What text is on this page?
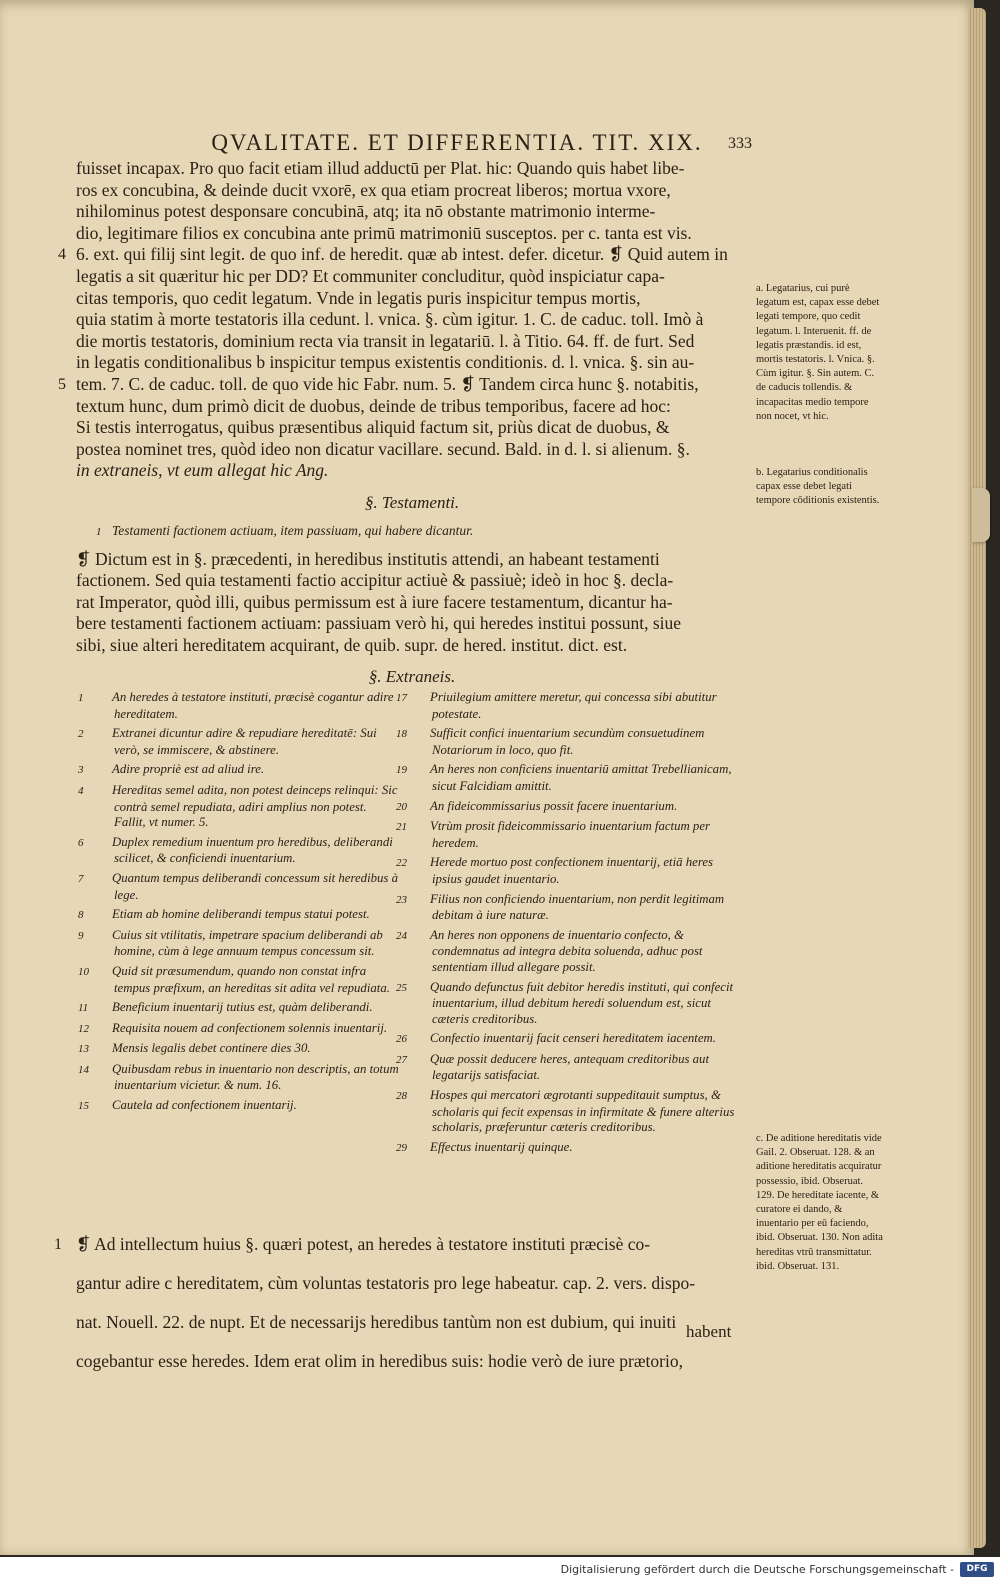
QVALITATE. ET DIFFERENTIA. TIT. XIX.	333

fuisset incapax. Pro quo facit etiam illud adductū per Plat. hic: Quando quis habet libe-

ros ex concubina, & deinde ducit vxorē, ex qua etiam procreat liberos; mortua vxore,

nihilominus potest desponsare concubinā, atq; ita nō obstante matrimonio interme-

dio, legitimare filios ex concubina ante primū matrimoniū susceptos. per c. tanta est vis.

4 6. ext. qui filij sint legit. de quo inf. de heredit. quæ ab intest. defer. dicetur. ❡ Quid autem in

legatis a sit quæritur hic per DD? Et communiter concluditur, quòd inspiciatur capa-

citas temporis, quo cedit legatum. Vnde in legatis puris inspicitur tempus mortis,

quia statim à morte testatoris illa cedunt. l. vnica. §. cùm igitur. 1. C. de caduc. toll. Imò à

die mortis testatoris, dominium recta via transit in legatariū. l. à Titio. 64. ff. de furt. Sed

in legatis conditionalibus b inspicitur tempus existentis conditionis. d. l. vnica. §. sin au-

5 tem. 7. C. de caduc. toll. de quo vide hic Fabr. num. 5. ❡ Tandem circa hunc §. notabitis,

textum hunc, dum primò dicit de duobus, deinde de tribus temporibus, facere ad hoc:

Si testis interrogatus, quibus præsentibus aliquid factum sit, priùs dicat de duobus, &

postea nominet tres, quòd ideo non dicatur vacillare. secund. Bald. in d. l. si alienum. §.

in extraneis, vt eum allegat hic Ang.

§. Testamenti.
1 Testamenti factionem actiuam, item passiuam, qui habere dicantur.

❡ Dictum est in §. præcedenti, in heredibus institutis attendi, an habeant testamenti

factionem. Sed quia testamenti factio accipitur actiuè & passiuè; ideò in hoc §. decla-

rat Imperator, quòd illi, quibus permissum est à iure facere testamentum, dicantur ha-

bere testamenti factionem actiuam: passiuam verò hi, qui heredes institui possunt, siue

sibi, siue alteri hereditatem acquirant, de quib. supr. de hered. institut. dict. est.

§. Extraneis.
a. Legatarius, cui purè legatum est, capax esse debet legati tempore, quo cedit legatum. l. Interuenit. ff. de legatis præstandis. id est, mortis testatoris. l. Vnica. §. Cùm igitur. §. Sin autem. C. de caducis tollendis. & incapacitas medio tempore non nocet, vt hic.
b. Legatarius conditionalis capax esse debet legati tempore cōditionis existentis.
1 An heredes à testatore instituti, præcisè cogantur adire hereditatem.
2 Extranei dicuntur adire & repudiare hereditatē: Sui verò, se immiscere, & abstinere.
3 Adire propriè est ad aliud ire.
4 Hereditas semel adita, non potest deinceps relinqui: Sic contrà semel repudiata, adiri amplius non potest. Fallit, vt numer. 5.
6 Duplex remedium inuentum pro heredibus, deliberandi scilicet, & conficiendi inuentarium.
7 Quantum tempus deliberandi concessum sit heredibus à lege.
8 Etiam ab homine deliberandi tempus statui potest.
9 Cuius sit vtilitatis, impetrare spacium deliberandi ab homine, cùm à lege annuum tempus concessum sit.
10 Quid sit præsumendum, quando non constat infra tempus præfixum, an hereditas sit adita vel repudiata.
11 Beneficium inuentarij tutius est, quàm deliberandi.
12 Requisita nouem ad confectionem solennis inuentarij.
13 Mensis legalis debet continere dies 30.
14 Quibusdam rebus in inuentario non descriptis, an totum inuentarium vicietur. & num. 16.
15 Cautela ad confectionem inuentarij.
17 Priuilegium amittere meretur, qui concessa sibi abutitur potestate.
18 Sufficit confici inuentarium secundùm consuetudinem Notariorum in loco, quo fit.
19 An heres non conficiens inuentariū amittat Trebellianicam, sicut Falcidiam amittit.
20 An fideicommissarius possit facere inuentarium.
21 Vtrùm prosit fideicommissario inuentarium factum per heredem.
22 Herede mortuo post confectionem inuentarij, etiā heres ipsius gaudet inuentario.
23 Filius non conficiendo inuentarium, non perdit legitimam debitam à iure naturæ.
24 An heres non opponens de inuentario confecto, & condemnatus ad integra debita soluenda, adhuc post sententiam illud allegare possit.
25 Quando defunctus fuit debitor heredis instituti, qui confecit inuentarium, illud debitum heredi soluendum est, sicut cæteris creditoribus.
26 Confectio inuentarij facit censeri hereditatem iacentem.
27 Quæ possit deducere heres, antequam creditoribus aut legatarijs satisfaciat.
28 Hospes qui mercatori ægrotanti suppeditauit sumptus, & scholaris qui fecit expensas in infirmitate & funere alterius scholaris, præferuntur cæteris creditoribus.
29 Effectus inuentarij quinque.
c. De aditione hereditatis vide Gail. 2. Obseruat. 128. & an aditione hereditatis acquiratur possessio, ibid. Obseruat. 129. De hereditate iacente, & curatore ei dando, & inuentario per eū faciendo, ibid. Obseruat. 130. Non adita hereditas vtrū transmittatur. ibid. Obseruat. 131.

1 ❡ Ad intellectum huius §. quæri potest, an heredes à testatore instituti præcisè co-

gantur adire c hereditatem, cùm voluntas testatoris pro lege habeatur. cap. 2. vers. dispo-

nat. Nouell. 22. de nupt. Et de necessarijs heredibus tantùm non est dubium, qui inuiti

cogebantur esse heredes. Idem erat olim in heredibus suis: hodie verò de iure prætorio,

habent
Digitalisierung gefördert durch die Deutsche Forschungsgemeinschaft -	DFG
